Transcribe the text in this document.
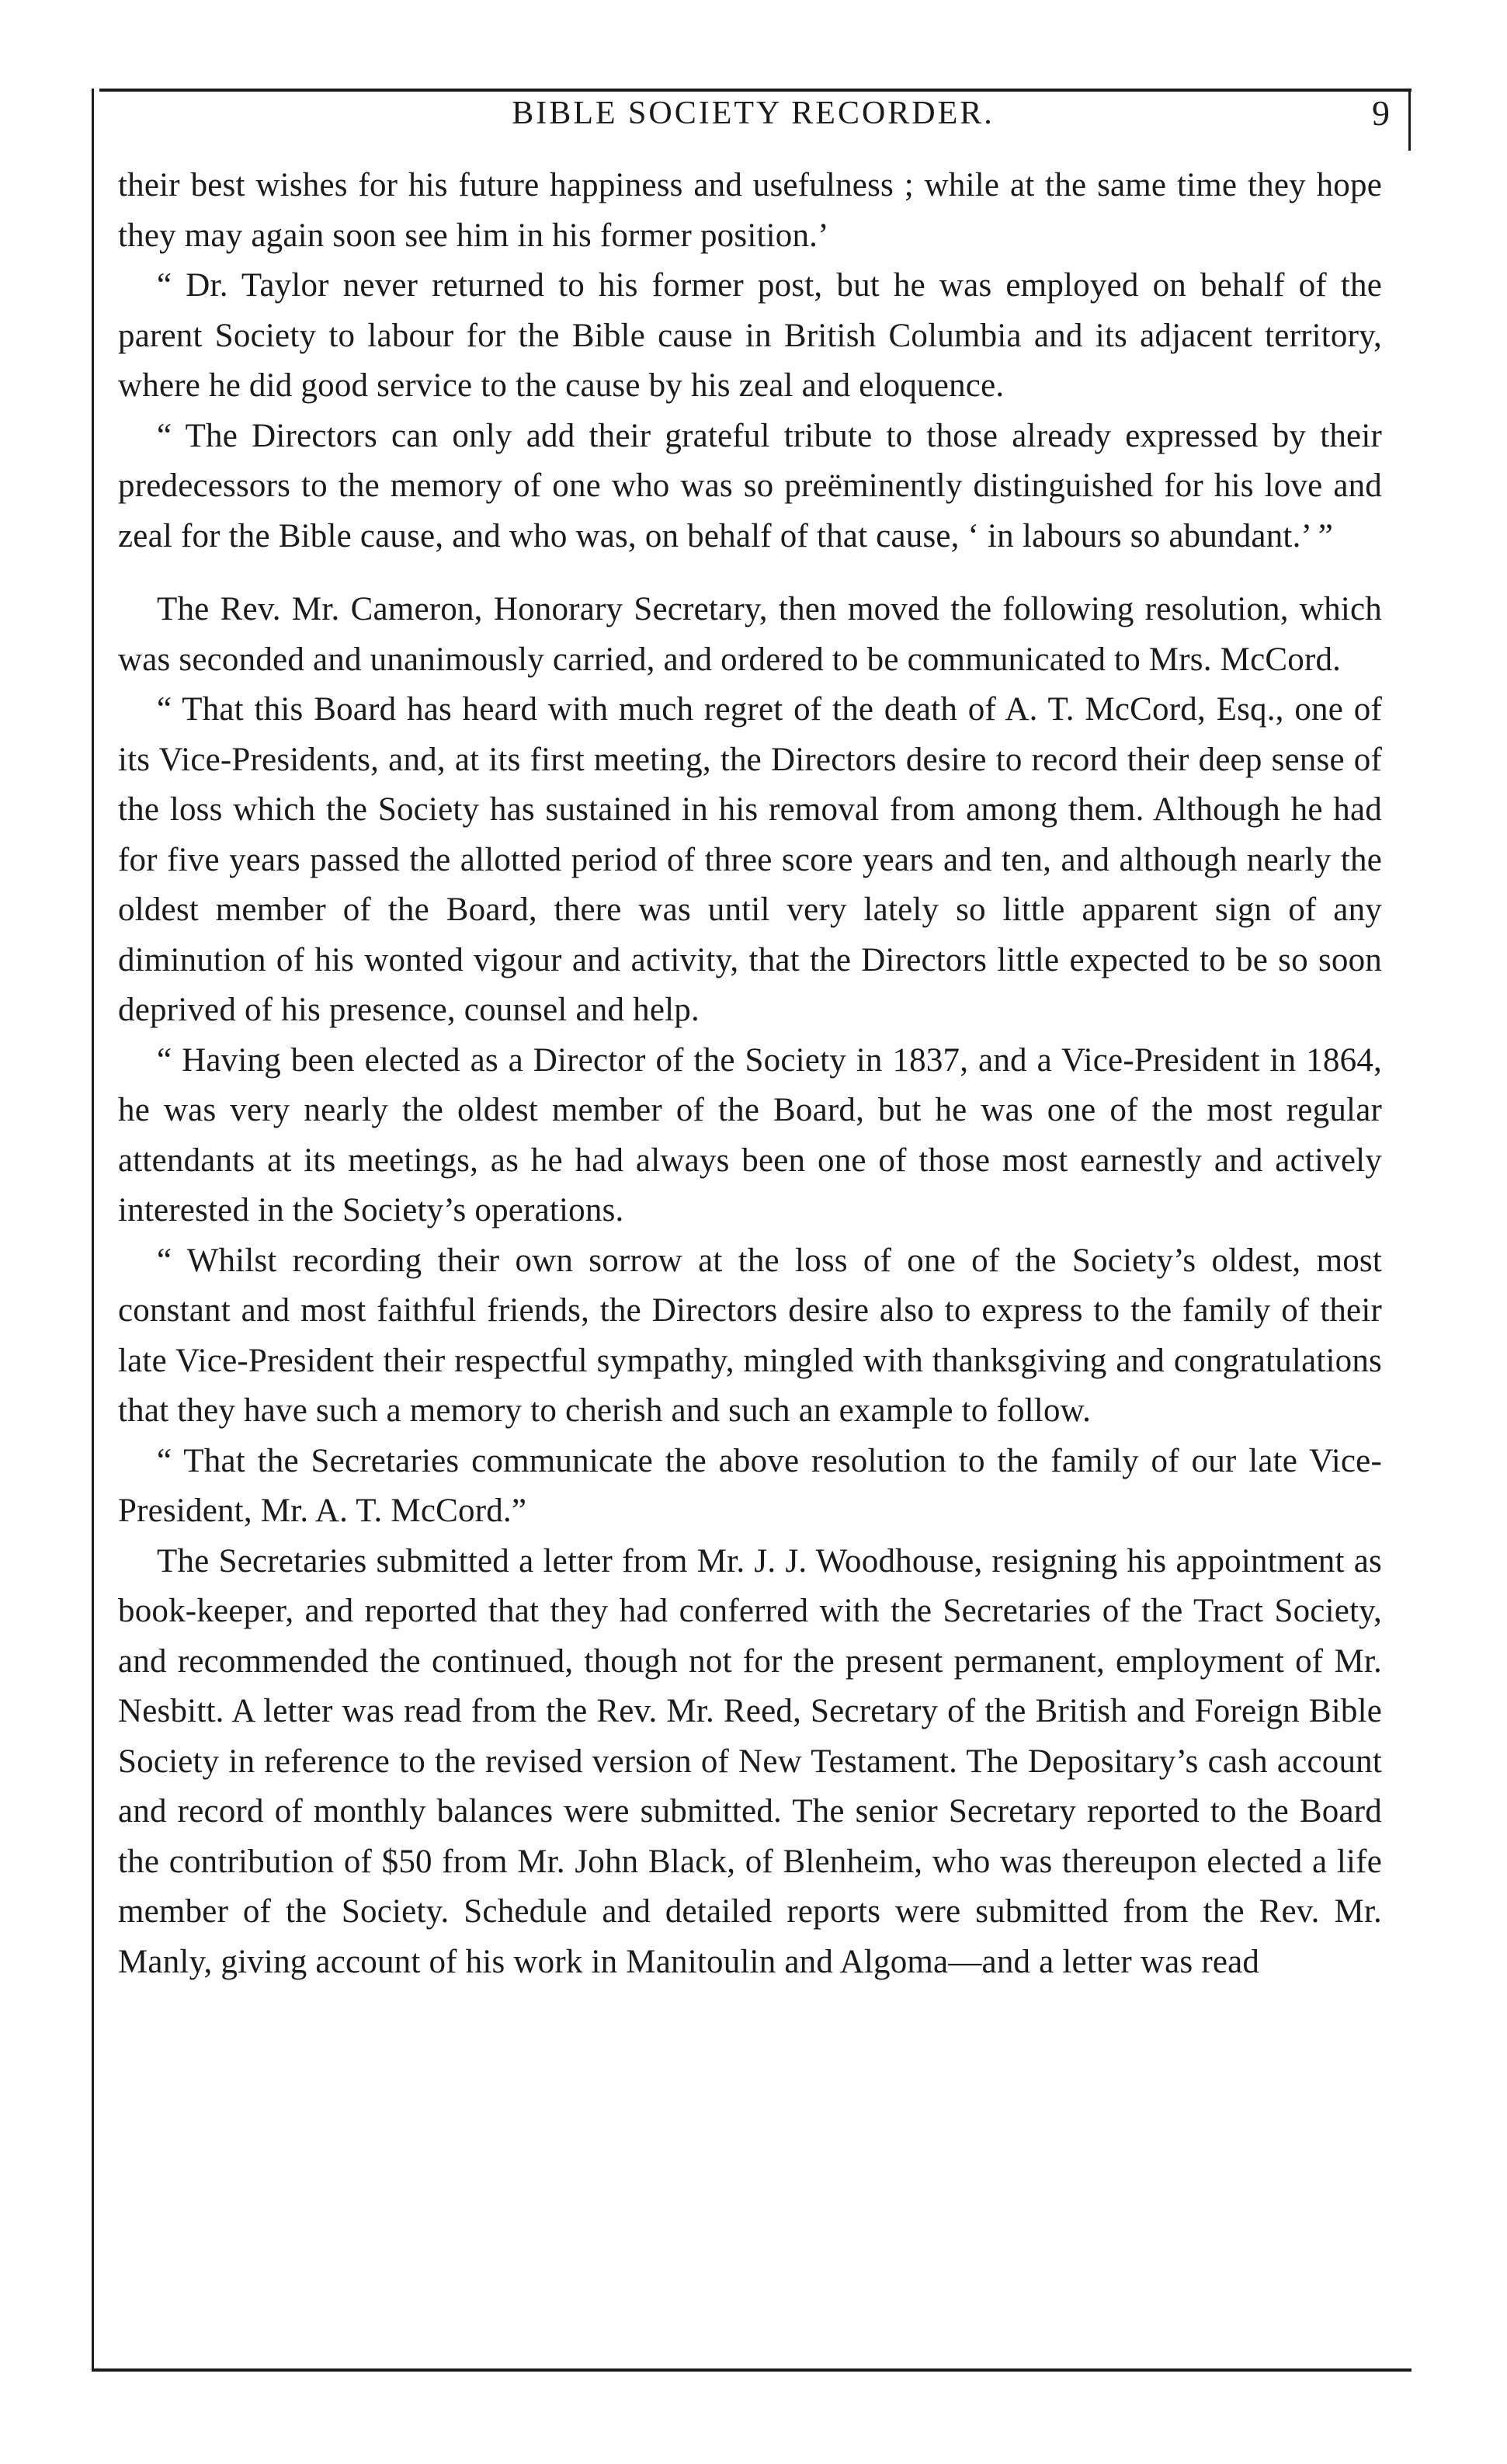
BIBLE SOCIETY RECORDER.	9

their best wishes for his future happiness and usefulness ; while at the same time they hope they may again soon see him in his former position.’

“ Dr. Taylor never returned to his former post, but he was employed on behalf of the parent Society to labour for the Bible cause in British Columbia and its adjacent territory, where he did good service to the cause by his zeal and eloquence.

“ The Directors can only add their grateful tribute to those already expressed by their predecessors to the memory of one who was so preëminently distinguished for his love and zeal for the Bible cause, and who was, on behalf of that cause, ‘ in labours so abundant.’ ”

The Rev. Mr. Cameron, Honorary Secretary, then moved the following resolution, which was seconded and unanimously carried, and ordered to be communicated to Mrs. McCord.

“ That this Board has heard with much regret of the death of A. T. McCord, Esq., one of its Vice-Presidents, and, at its first meeting, the Directors desire to record their deep sense of the loss which the Society has sustained in his removal from among them. Although he had for five years passed the allotted period of three score years and ten, and although nearly the oldest member of the Board, there was until very lately so little apparent sign of any diminution of his wonted vigour and activity, that the Directors little expected to be so soon deprived of his presence, counsel and help.

“ Having been elected as a Director of the Society in 1837, and a Vice-President in 1864, he was very nearly the oldest member of the Board, but he was one of the most regular attendants at its meetings, as he had always been one of those most earnestly and actively interested in the Society’s operations.

“ Whilst recording their own sorrow at the loss of one of the Society’s oldest, most constant and most faithful friends, the Directors desire also to express to the family of their late Vice-President their respectful sympathy, mingled with thanksgiving and congratulations that they have such a memory to cherish and such an example to follow.

“ That the Secretaries communicate the above resolution to the family of our late Vice-President, Mr. A. T. McCord.”

The Secretaries submitted a letter from Mr. J. J. Woodhouse, resigning his appointment as book-keeper, and reported that they had conferred with the Secretaries of the Tract Society, and recommended the continued, though not for the present permanent, employment of Mr. Nesbitt. A letter was read from the Rev. Mr. Reed, Secretary of the British and Foreign Bible Society in reference to the revised version of New Testament. The Depositary’s cash account and record of monthly balances were submitted. The senior Secretary reported to the Board the contribution of $50 from Mr. John Black, of Blenheim, who was thereupon elected a life member of the Society. Schedule and detailed reports were submitted from the Rev. Mr. Manly, giving account of his work in Manitoulin and Algoma—and a letter was read
